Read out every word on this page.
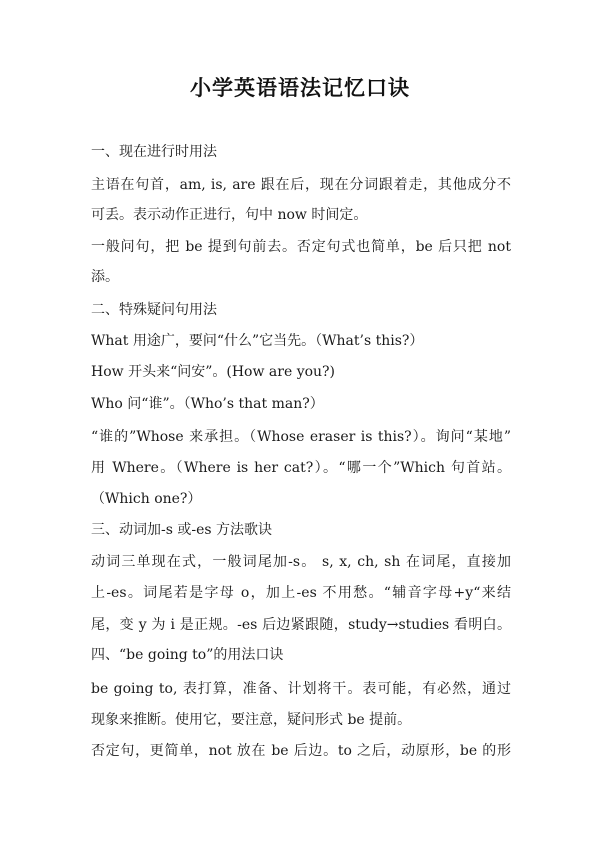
小学英语语法记忆口诀
一、现在进行时用法
主语在句首，am, is, are 跟在后，现在分词跟着走，其他成分不
可丢。表示动作正进行，句中 now 时间定。
一般问句，把 be 提到句前去。否定句式也简单，be 后只把 not
添。
二、特殊疑问句用法
What 用途广，要问“什么”它当先。（What’s this?）
How 开头来“问安”。(How are you?)
Who 问“谁”。（Who’s that man?）
“谁的”Whose 来承担。（Whose eraser is this?）。询问“某地”
用 Where。（Where is her cat?）。“哪一个”Which 句首站。
（Which one?）
三、动词加-s 或-es 方法歌诀
动词三单现在式，一般词尾加-s。 s, x, ch, sh 在词尾，直接加
上-es。词尾若是字母 o，加上-es 不用愁。“辅音字母+y“来结
尾，变 y 为 i 是正规。-es 后边紧跟随，study→studies 看明白。
四、“be going to”的用法口诀
be going to, 表打算，准备、计划将干。表可能，有必然，通过
现象来推断。使用它，要注意，疑问形式 be 提前。
否定句，更简单，not 放在 be 后边。to 之后，动原形，be 的形
